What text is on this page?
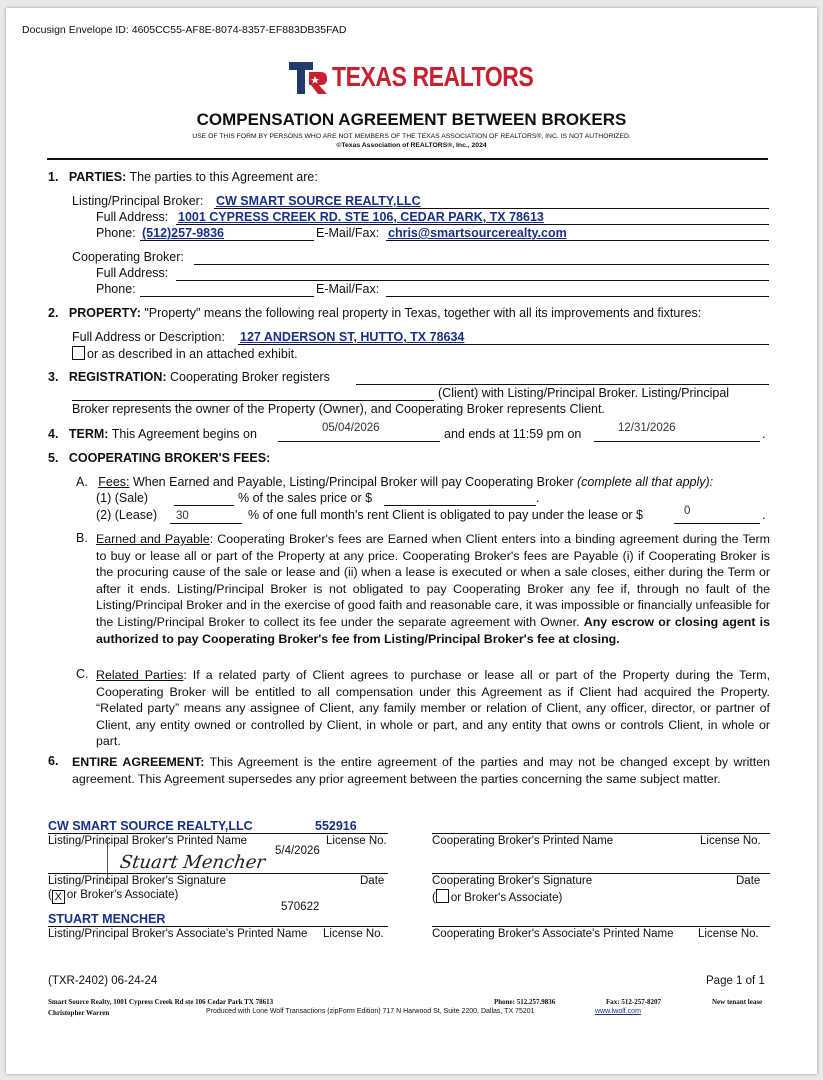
Docusign Envelope ID: 4605CC55-AF8E-8074-8357-EF883DB35FAD
TEXAS REALTORS
COMPENSATION AGREEMENT BETWEEN BROKERS
USE OF THIS FORM BY PERSONS WHO ARE NOT MEMBERS OF THE TEXAS ASSOCIATION OF REALTORS®, INC. IS NOT AUTHORIZED.
©Texas Association of REALTORS®, Inc., 2024
1. PARTIES: The parties to this Agreement are:
Listing/Principal Broker: CW SMART SOURCE REALTY,LLC
Full Address: 1001 CYPRESS CREEK RD. STE 106, CEDAR PARK, TX 78613
Phone: (512)257-9836	E-Mail/Fax: chris@smartsourcerealty.com
Cooperating Broker:
Full Address:
Phone:	E-Mail/Fax:
2. PROPERTY: "Property" means the following real property in Texas, together with all its improvements and fixtures:
Full Address or Description: 127 ANDERSON ST, HUTTO, TX 78634
or as described in an attached exhibit.
3. REGISTRATION: Cooperating Broker registers
(Client) with Listing/Principal Broker. Listing/Principal
Broker represents the owner of the Property (Owner), and Cooperating Broker represents Client.
4. TERM: This Agreement begins on	05/04/2026	and ends at 11:59 pm on	12/31/2026	.
5. COOPERATING BROKER'S FEES:
A. Fees: When Earned and Payable, Listing/Principal Broker will pay Cooperating Broker (complete all that apply):
(1) (Sale)	% of the sales price or $	.
(2) (Lease) 30	% of one full month's rent Client is obligated to pay under the lease or $	0	.
B. Earned and Payable: Cooperating Broker's fees are Earned when Client enters into a binding agreement during the Term to buy or lease all or part of the Property at any price. Cooperating Broker's fees are Payable (i) if Cooperating Broker is the procuring cause of the sale or lease and (ii) when a lease is executed or when a sale closes, either during the Term or after it ends. Listing/Principal Broker is not obligated to pay Cooperating Broker any fee if, through no fault of the Listing/Principal Broker and in the exercise of good faith and reasonable care, it was impossible or financially unfeasible for the Listing/Principal Broker to collect its fee under the separate agreement with Owner. Any escrow or closing agent is authorized to pay Cooperating Broker's fee from Listing/Principal Broker's fee at closing.
C. Related Parties: If a related party of Client agrees to purchase or lease all or part of the Property during the Term, Cooperating Broker will be entitled to all compensation under this Agreement as if Client had acquired the Property. “Related party” means any assignee of Client, any family member or relation of Client, any officer, director, or partner of Client, any entity owned or controlled by Client, in whole or part, and any entity that owns or controls Client, in whole or part.
6. ENTIRE AGREEMENT: This Agreement is the entire agreement of the parties and may not be changed except by written agreement. This Agreement supersedes any prior agreement between the parties concerning the same subject matter.
CW SMART SOURCE REALTY,LLC	552916
Listing/Principal Broker's Printed Name	License No.
5/4/2026
Stuart Mencher
Listing/Principal Broker's Signature	Date
( X or Broker's Associate)
570622
STUART MENCHER
Listing/Principal Broker's Associate's Printed Name License No.
Cooperating Broker's Printed Name	License No.
Cooperating Broker's Signature	Date
( or Broker's Associate)
Cooperating Broker's Associate's Printed Name License No.
(TXR-2402) 06-24-24	Page 1 of 1
Smart Source Realty, 1001 Cypress Creek Rd ste 106 Cedar Park TX 78613	Phone: 512.257.9836	Fax: 512-257-8207	New tenant lease
Christopher Warren	Produced with Lone Wolf Transactions (zipForm Edition) 717 N Harwood St, Suite 2200, Dallas, TX 75201	www.lwolf.com
